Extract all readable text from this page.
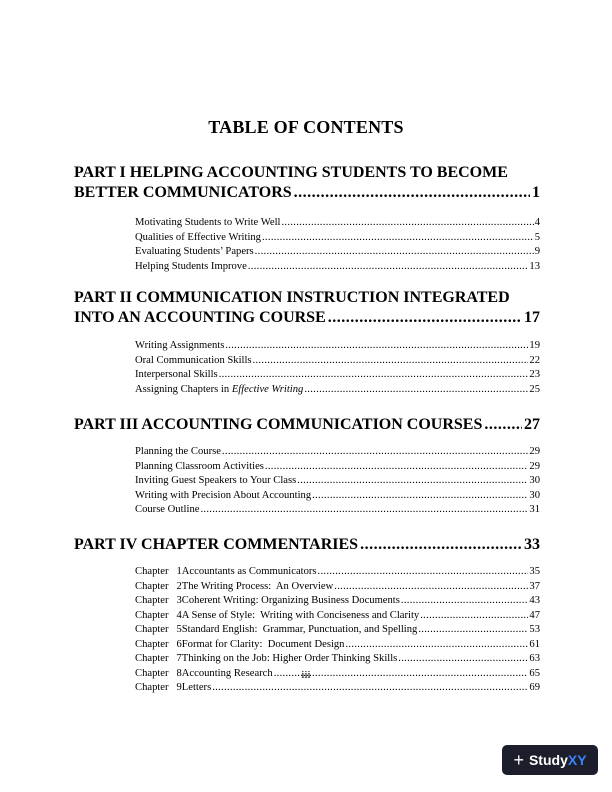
TABLE OF CONTENTS
PART I HELPING ACCOUNTING STUDENTS TO BECOME
BETTER COMMUNICATORS .....	1
Motivating Students to Write Well .....	4
Qualities of Effective Writing .....	5
Evaluating Students’ Papers .....	9
Helping Students Improve .....	13
PART II COMMUNICATION INSTRUCTION INTEGRATED
INTO AN ACCOUNTING COURSE .....	17
Writing Assignments .....	19
Oral Communication Skills .....	22
Interpersonal Skills .....	23
Assigning Chapters in Effective Writing .....	25
PART III ACCOUNTING COMMUNICATION COURSES .....	27
Planning the Course .....	29
Planning Classroom Activities .....	29
Inviting Guest Speakers to Your Class .....	30
Writing with Precision About Accounting .....	30
Course Outline .....	31
PART IV CHAPTER COMMENTARIES .....	33
Chapter   1 Accountants as Communicators .....	35
Chapter   2 The Writing Process:  An Overview .....	37
Chapter   3 Coherent Writing: Organizing Business Documents .....	43
Chapter   4 A Sense of Style:  Writing with Conciseness and Clarity .....	47
Chapter   5 Standard English:  Grammar, Punctuation, and Spelling .....	53
Chapter   6 Format for Clarity:  Document Design .....	61
Chapter   7 Thinking on the Job: Higher Order Thinking Skills .....	63
Chapter   8 Accounting Research .....	65
Chapter   9 Letters .....	69
iii
+ StudyXY
